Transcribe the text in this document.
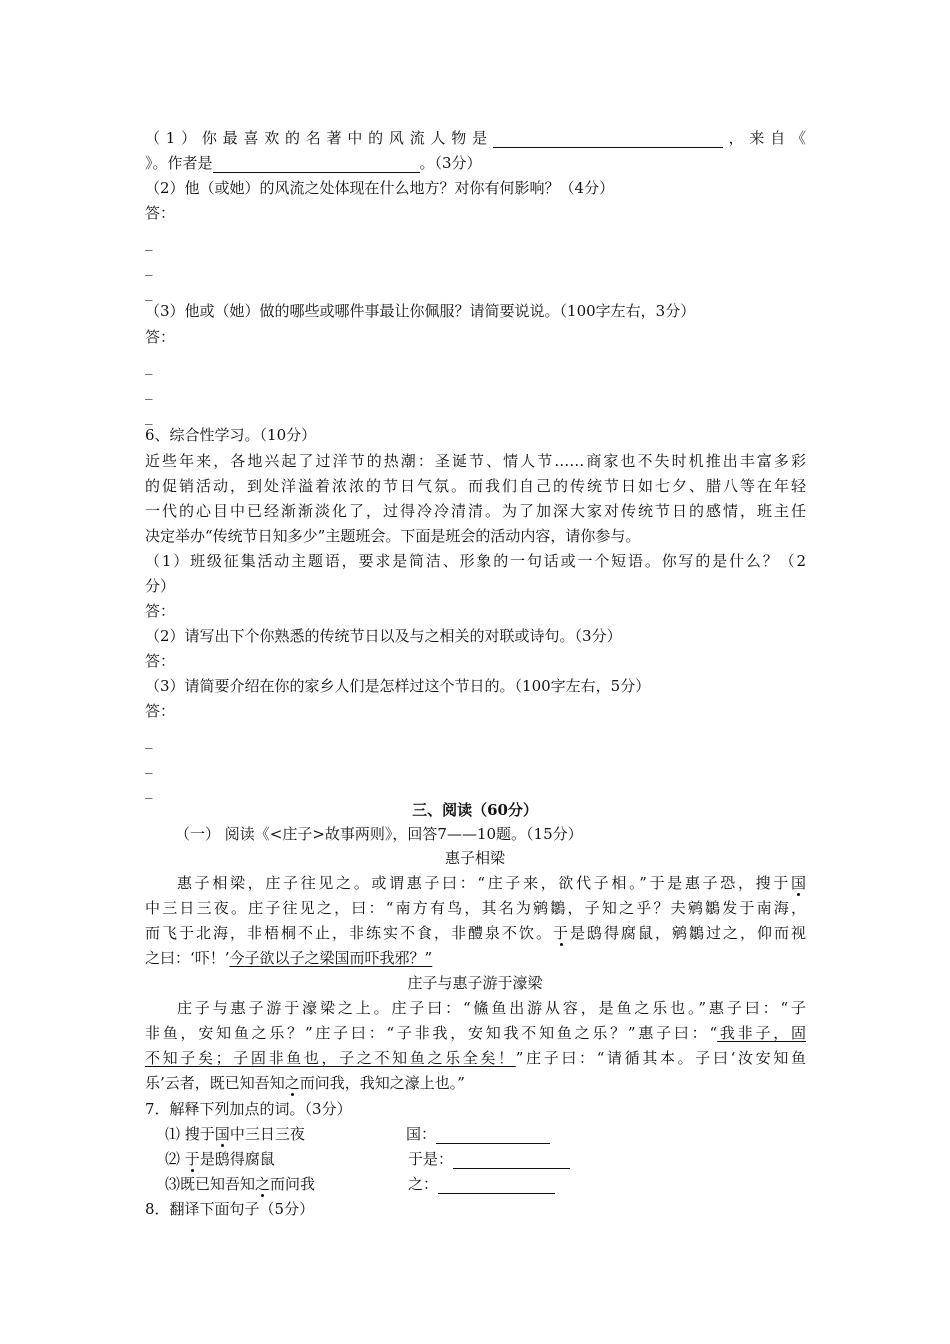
（1）你最喜欢的名著中的风流人物是	，来自《
》。作者是	。（3分）
（2）他（或她）的风流之处体现在什么地方？对你有何影响？（4分）
答：
_
_
_
（3）他或（她）做的哪些或哪件事最让你佩服？请简要说说。（100字左右，3分）
答：
_
_
_
6、综合性学习。（10分）
近些年来，各地兴起了过洋节的热潮：圣诞节、情人节……商家也不失时机推出丰富多彩
的促销活动，到处洋溢着浓浓的节日气氛。而我们自己的传统节日如七夕、腊八等在年轻
一代的心目中已经渐渐淡化了，过得冷冷清清。为了加深大家对传统节日的感情，班主任
决定举办“传统节日知多少”主题班会。下面是班会的活动内容，请你参与。
（1）班级征集活动主题语，要求是简洁、形象的一句话或一个短语。你写的是什么？（2
分）
答：
（2）请写出下个你熟悉的传统节日以及与之相关的对联或诗句。（3分）
答：
（3）请简要介绍在你的家乡人们是怎样过这个节日的。（100字左右，5分）
答：
_
_
_
三、阅读（60分）
（一） 阅读《<庄子>故事两则》，回答7——10题。（15分）
惠子相梁
惠子相梁，庄子往见之。或谓惠子曰：“庄子来，欲代子相。”于是惠子恐，搜于国
中三日三夜。庄子往见之，曰：“南方有鸟，其名为鹓鶵，子知之乎？夫鹓鶵发于南海，
而飞于北海，非梧桐不止，非练实不食，非醴泉不饮。于是鸱得腐鼠，鹓鶵过之，仰而视
之曰：‘吓！’今子欲以子之梁国而吓我邪？”
庄子与惠子游于濠梁
庄子与惠子游于濠梁之上。庄子曰：“鯈鱼出游从容，是鱼之乐也。”惠子曰：“子
非鱼，安知鱼之乐？”庄子曰：“子非我，安知我不知鱼之乐？”惠子曰：“我非子，固
不知子矣；子固非鱼也，子之不知鱼之乐全矣！”庄子曰：“请循其本。子曰‘汝安知鱼
乐’云者，既已知吾知之而问我，我知之濠上也。”
7．解释下列加点的词。（3分）
⑴ 搜于国中三日三夜	国：
⑵ 于是鸱得腐鼠	于是：
⑶既已知吾知之而问我	之：
8．翻译下面句子（5分）
